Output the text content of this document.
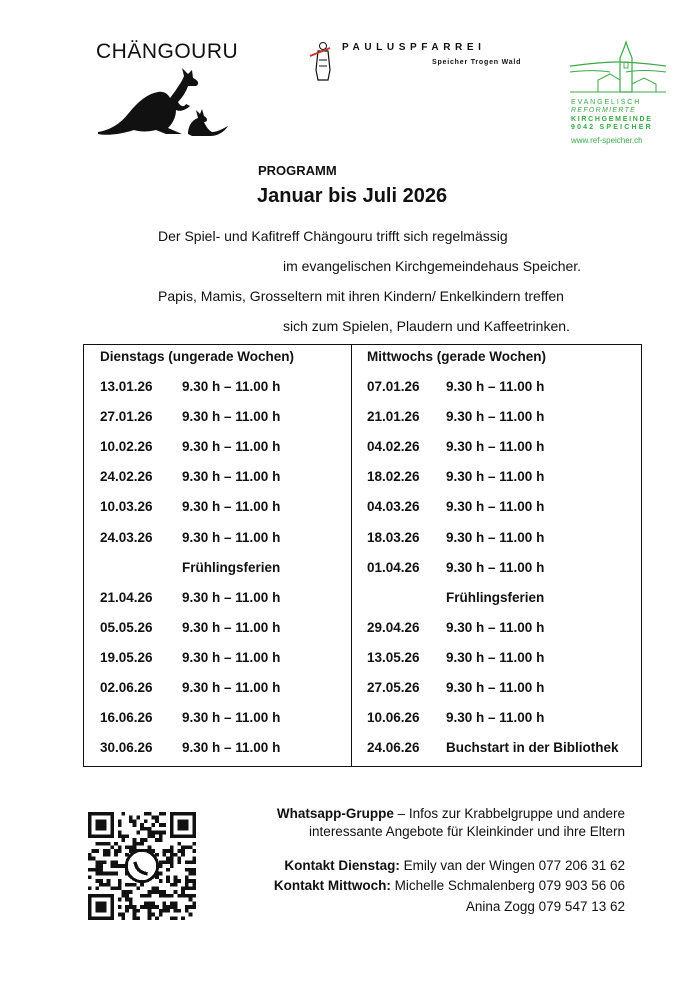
CHÄNGOURU	PAULUSPFARREI
Speicher Trogen Wald
EVANGELISCH
REFORMIERTE
KIRCHGEMEINDE
9042 SPEICHER
www.ref-speicher.ch
PROGRAMM
Januar bis Juli 2026
Der Spiel- und Kafitreff Chängouru trifft sich regelmässig
im evangelischen Kirchgemeindehaus Speicher.
Papis, Mamis, Grosseltern mit ihren Kindern/ Enkelkindern treffen
sich zum Spielen, Plaudern und Kaffeetrinken.
Dienstags (ungerade Wochen)
13.01.26 9.30 h – 11.00 h
27.01.26 9.30 h – 11.00 h
10.02.26 9.30 h – 11.00 h
24.02.26 9.30 h – 11.00 h
10.03.26 9.30 h – 11.00 h
24.03.26 9.30 h – 11.00 h
Frühlingsferien
21.04.26 9.30 h – 11.00 h
05.05.26 9.30 h – 11.00 h
19.05.26 9.30 h – 11.00 h
02.06.26 9.30 h – 11.00 h
16.06.26 9.30 h – 11.00 h
30.06.26 9.30 h – 11.00 h
Mittwochs (gerade Wochen)
07.01.26 9.30 h – 11.00 h
21.01.26 9.30 h – 11.00 h
04.02.26 9.30 h – 11.00 h
18.02.26 9.30 h – 11.00 h
04.03.26 9.30 h – 11.00 h
18.03.26 9.30 h – 11.00 h
01.04.26 9.30 h – 11.00 h
Frühlingsferien
29.04.26 9.30 h – 11.00 h
13.05.26 9.30 h – 11.00 h
27.05.26 9.30 h – 11.00 h
10.06.26 9.30 h – 11.00 h
24.06.26 Buchstart in der Bibliothek
Whatsapp-Gruppe – Infos zur Krabbelgruppe und andere
interessante Angebote für Kleinkinder und ihre Eltern
Kontakt Dienstag: Emily van der Wingen 077 206 31 62
Kontakt Mittwoch: Michelle Schmalenberg 079 903 56 06
Anina Zogg 079 547 13 62
